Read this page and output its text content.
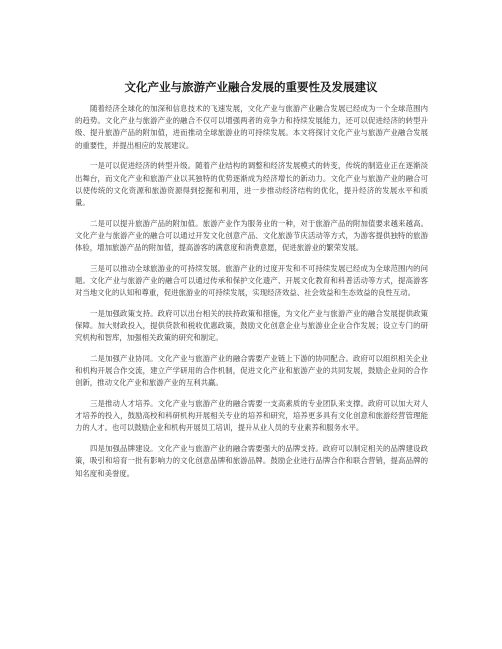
文化产业与旅游产业融合发展的重要性及发展建议

随着经济全球化的加深和信息技术的飞速发展，文化产业与旅游产业融合发展已经成为一个全球范围内的趋势。文化产业与旅游产业的融合不仅可以增强两者的竞争力和持续发展能力，还可以促进经济的转型升级、提升旅游产品的附加值，进而推动全球旅游业的可持续发展。本文将探讨文化产业与旅游产业融合发展的重要性，并提出相应的发展建议。

一是可以促进经济的转型升级。随着产业结构的调整和经济发展模式的转变，传统的制造业正在逐渐淡出舞台，而文化产业和旅游产业以其独特的优势逐渐成为经济增长的新动力。文化产业与旅游产业的融合可以使传统的文化资源和旅游资源得到挖掘和利用，进一步推动经济结构的优化，提升经济的发展水平和质量。

二是可以提升旅游产品的附加值。旅游产业作为服务业的一种，对于旅游产品的附加值要求越来越高。文化产业与旅游产业的融合可以通过开发文化创意产品、文化旅游节庆活动等方式，为游客提供独特的旅游体验，增加旅游产品的附加值，提高游客的满意度和消费意愿，促进旅游业的繁荣发展。

三是可以推动全球旅游业的可持续发展。旅游产业的过度开发和不可持续发展已经成为全球范围内的问题。文化产业与旅游产业的融合可以通过传承和保护文化遗产、开展文化教育和科普活动等方式，提高游客对当地文化的认知和尊重，促进旅游业的可持续发展，实现经济效益、社会效益和生态效益的良性互动。

一是加强政策支持。政府可以出台相关的扶持政策和措施，为文化产业与旅游产业的融合发展提供政策保障。加大财政投入，提供贷款和税收优惠政策，鼓励文化创意企业与旅游业企业合作发展；设立专门的研究机构和智库，加强相关政策的研究和制定。

二是加强产业协同。文化产业与旅游产业的融合需要产业链上下游的协同配合。政府可以组织相关企业和机构开展合作交流，建立产学研用的合作机制，促进文化产业和旅游产业的共同发展，鼓励企业间的合作创新，推动文化产业和旅游产业的互利共赢。

三是推动人才培养。文化产业与旅游产业的融合需要一支高素质的专业团队来支撑。政府可以加大对人才培养的投入，鼓励高校和科研机构开展相关专业的培养和研究，培养更多具有文化创意和旅游经营管理能力的人才。也可以鼓励企业和机构开展员工培训，提升从业人员的专业素养和服务水平。

四是加强品牌建设。文化产业与旅游产业的融合需要强大的品牌支持。政府可以制定相关的品牌建设政策，吸引和培育一批有影响力的文化创意品牌和旅游品牌。鼓励企业进行品牌合作和联合营销，提高品牌的知名度和美誉度。
